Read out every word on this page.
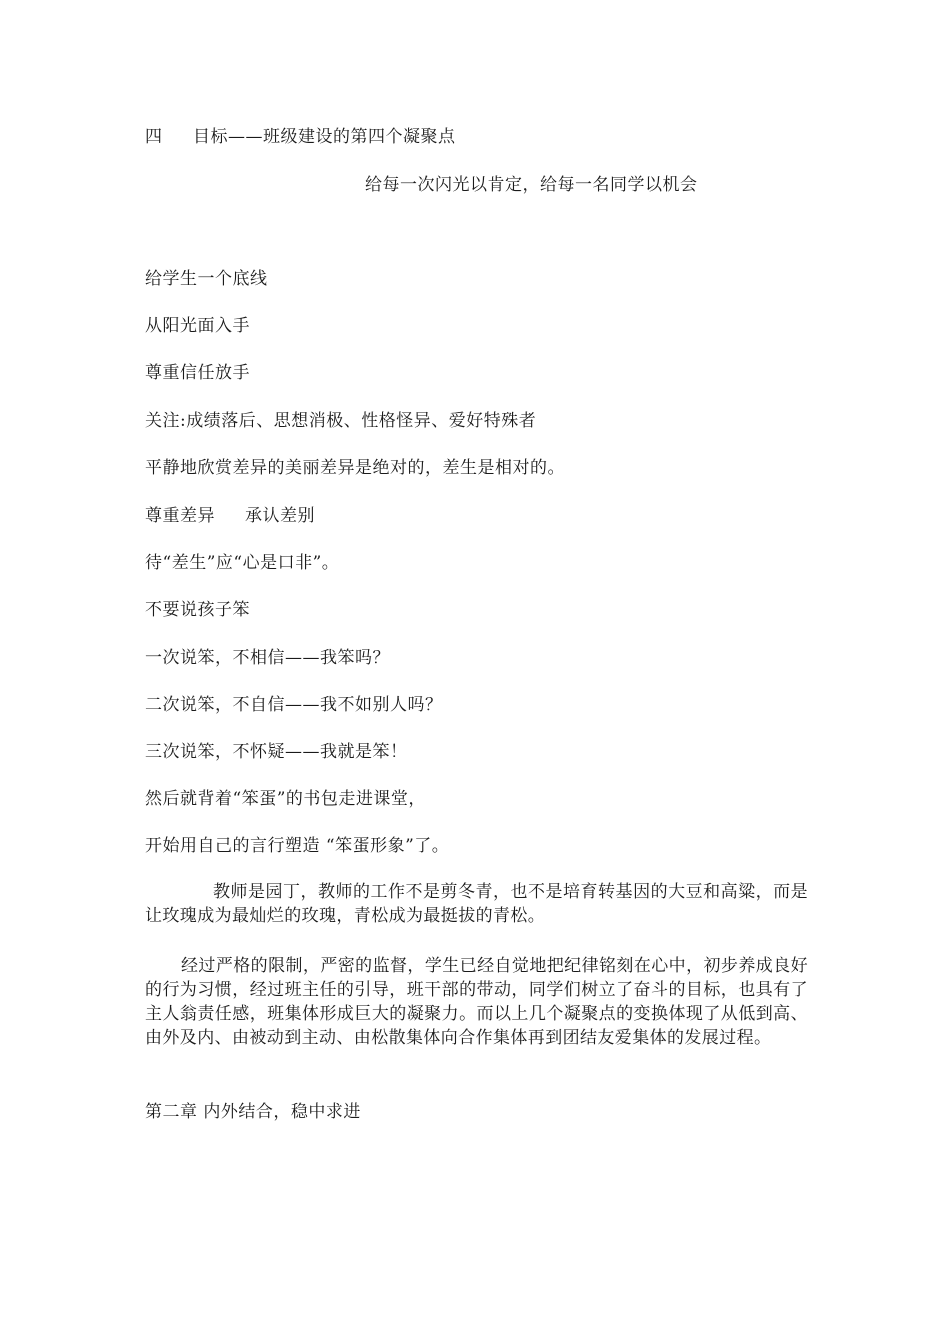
四 目标——班级建设的第四个凝聚点
给每一次闪光以肯定，给每一名同学以机会
给学生一个底线
从阳光面入手
尊重信任放手
关注:成绩落后、思想消极、性格怪异、爱好特殊者
平静地欣赏差异的美丽差异是绝对的，差生是相对的。
尊重差异 承认差别
待“差生”应“心是口非”。
不要说孩子笨
一次说笨，不相信——我笨吗？
二次说笨，不自信——我不如别人吗？
三次说笨，不怀疑——我就是笨！
然后就背着“笨蛋”的书包走进课堂，
开始用自己的言行塑造 “笨蛋形象”了。
教师是园丁，教师的工作不是剪冬青，也不是培育转基因的大豆和高粱，而是让玫瑰成为最灿烂的玫瑰，青松成为最挺拔的青松。
经过严格的限制，严密的监督，学生已经自觉地把纪律铭刻在心中，初步养成良好的行为习惯，经过班主任的引导，班干部的带动，同学们树立了奋斗的目标，也具有了主人翁责任感，班集体形成巨大的凝聚力。而以上几个凝聚点的变换体现了从低到高、由外及内、由被动到主动、由松散集体向合作集体再到团结友爱集体的发展过程。
第二章 内外结合，稳中求进
